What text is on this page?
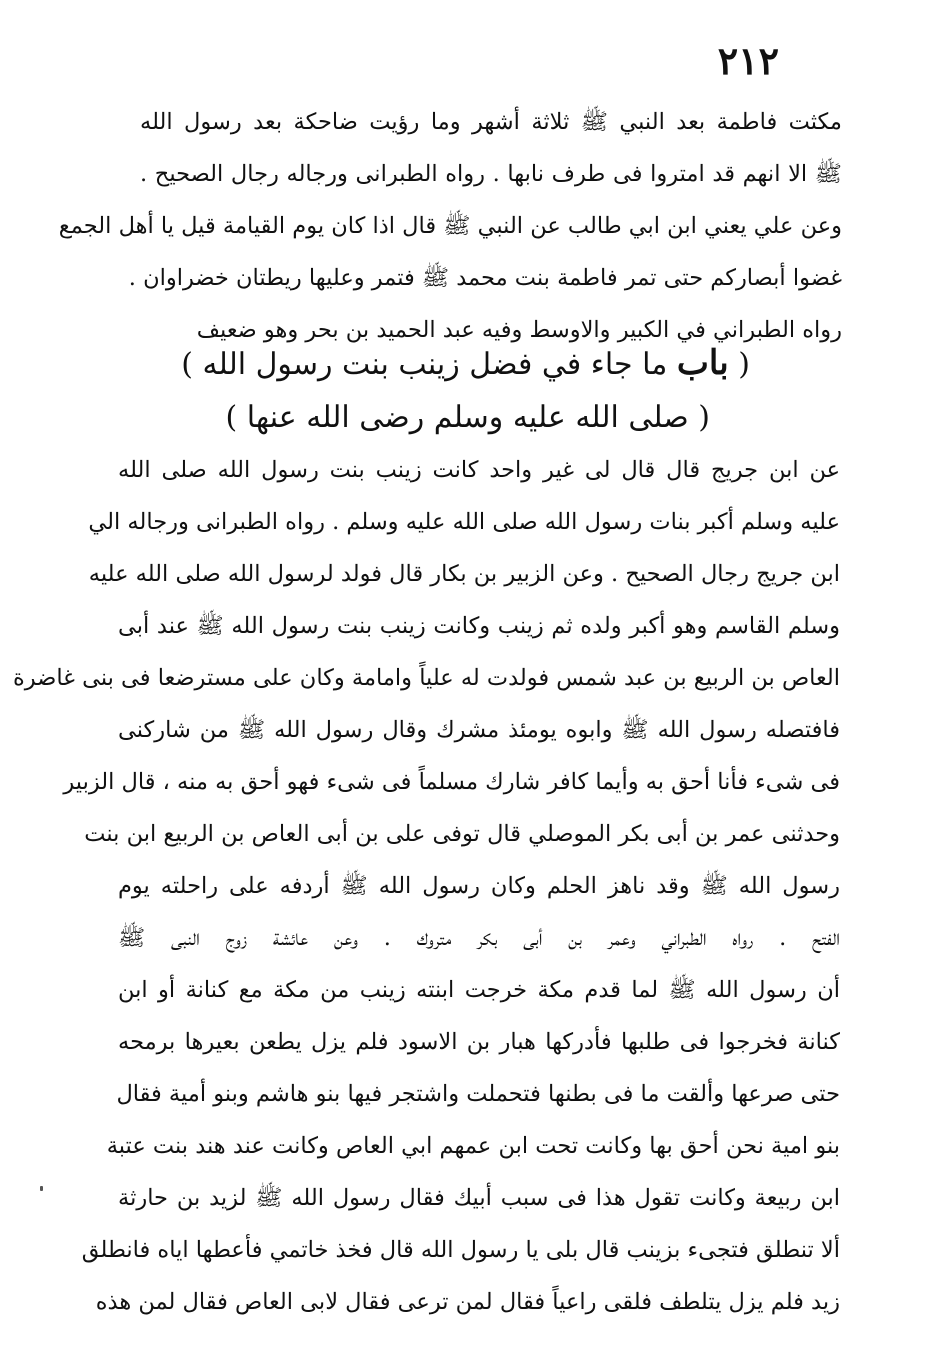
٢١٢
مكثت فاطمة بعد النبي ﷺ ثلاثة أشهر وما رؤيت ضاحكة بعد رسول الله
ﷺ الا انهم قد امتروا فى طرف نابها . رواه الطبرانى ورجاله رجال الصحيح .
وعن علي يعني ابن ابي طالب عن النبي ﷺ قال اذا كان يوم القيامة قيل يا أهل الجمع
غضوا أبصاركم حتى تمر فاطمة بنت محمد ﷺ فتمر وعليها ريطتان خضراوان .
رواه الطبراني في الكبير والاوسط وفيه عبد الحميد بن بحر وهو ضعيف
( باب ما جاء في فضل زينب بنت رسول الله )
( صلى الله عليه وسلم رضى الله عنها )
عن ابن جريج قال قال لى غير واحد كانت زينب بنت رسول الله صلى الله
عليه وسلم أكبر بنات رسول الله صلى الله عليه وسلم . رواه الطبرانى ورجاله الي
ابن جريج رجال الصحيح . وعن الزبير بن بكار قال فولد لرسول الله صلى الله عليه
وسلم القاسم وهو أكبر ولده ثم زينب وكانت زينب بنت رسول الله ﷺ عند أبى
العاص بن الربيع بن عبد شمس فولدت له علياً وامامة وكان على مسترضعا فى بنى غاضرة
فافتصله رسول الله ﷺ وابوه يومئذ مشرك وقال رسول الله ﷺ من شاركنى
فى شىء فأنا أحق به وأيما كافر شارك مسلماً فى شىء فهو أحق به منه ، قال الزبير
وحدثنى عمر بن أبى بكر الموصلي قال توفى على بن أبى العاص بن الربيع ابن بنت
رسول الله ﷺ وقد ناهز الحلم وكان رسول الله ﷺ أردفه على راحلته يوم
الفتح . رواه الطبراني وعمر بن أبى بكر متروك . وعن عائشة زوج النبى ﷺ
أن رسول الله ﷺ لما قدم مكة خرجت ابنته زينب من مكة مع كنانة أو ابن
كنانة فخرجوا فى طلبها فأدركها هبار بن الاسود فلم يزل يطعن بعيرها برمحه
حتى صرعها وألقت ما فى بطنها فتحملت واشتجر فيها بنو هاشم وبنو أمية فقال
بنو امية نحن أحق بها وكانت تحت ابن عمهم ابي العاص وكانت عند هند بنت عتبة
ابن ربيعة وكانت تقول هذا فى سبب أبيك فقال رسول الله ﷺ لزيد بن حارثة
ألا تنطلق فتجىء بزينب قال بلى يا رسول الله قال فخذ خاتمي فأعطها اياه فانطلق
زيد فلم يزل يتلطف فلقى راعياً فقال لمن ترعى فقال لابى العاص فقال لمن هذه
